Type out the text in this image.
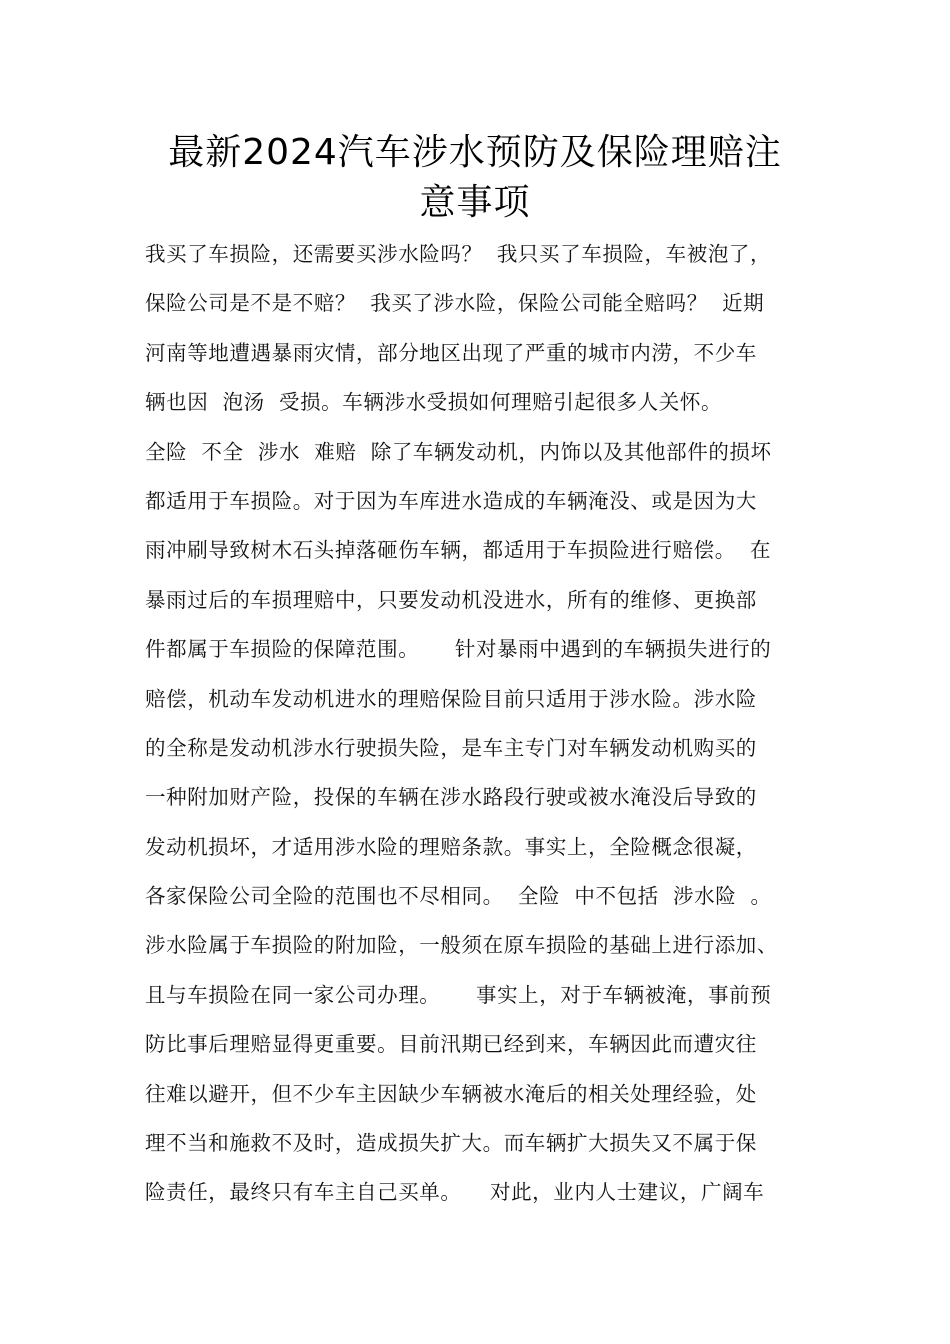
最新2024汽车涉水预防及保险理赔注
意事项
我买了车损险，还需要买涉水险吗？  我只买了车损险，车被泡了，
保险公司是不是不赔？  我买了涉水险，保险公司能全赔吗？  近期
河南等地遭遇暴雨灾情，部分地区出现了严重的城市内涝，不少车
辆也因  泡汤  受损。车辆涉水受损如何理赔引起很多人关怀。
全险  不全  涉水  难赔  除了车辆发动机，内饰以及其他部件的损坏
都适用于车损险。对于因为车库进水造成的车辆淹没、或是因为大
雨冲刷导致树木石头掉落砸伤车辆，都适用于车损险进行赔偿。  在
暴雨过后的车损理赔中，只要发动机没进水，所有的维修、更换部
件都属于车损险的保障范围。     针对暴雨中遇到的车辆损失进行的
赔偿，机动车发动机进水的理赔保险目前只适用于涉水险。涉水险
的全称是发动机涉水行驶损失险，是车主专门对车辆发动机购买的
一种附加财产险，投保的车辆在涉水路段行驶或被水淹没后导致的
发动机损坏，才适用涉水险的理赔条款。事实上，全险概念很凝，
各家保险公司全险的范围也不尽相同。  全险  中不包括  涉水险  。
涉水险属于车损险的附加险，一般须在原车损险的基础上进行添加、
且与车损险在同一家公司办理。     事实上，对于车辆被淹，事前预
防比事后理赔显得更重要。目前汛期已经到来，车辆因此而遭灾往
往难以避开，但不少车主因缺少车辆被水淹后的相关处理经验，处
理不当和施救不及时，造成损失扩大。而车辆扩大损失又不属于保
险责任，最终只有车主自己买单。    对此，业内人士建议，广阔车
